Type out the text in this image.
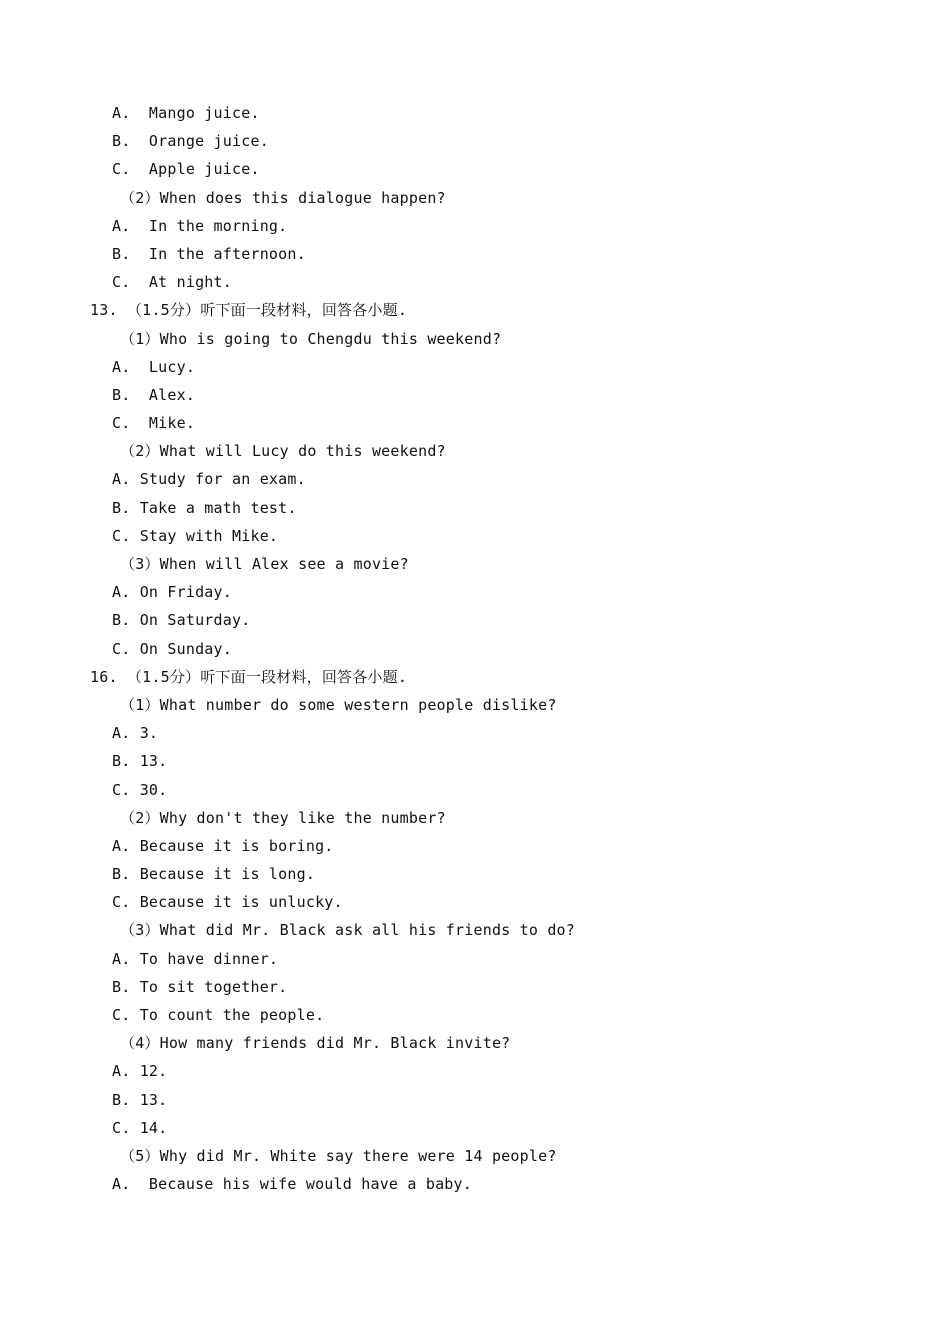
A.  Mango juice.
B.  Orange juice.
C.  Apple juice.
（2）When does this dialogue happen?
A.  In the morning.
B.  In the afternoon.
C.  At night.
13. （1.5分）听下面一段材料，回答各小题.
（1）Who is going to Chengdu this weekend?
A.  Lucy.
B.  Alex.
C.  Mike.
（2）What will Lucy do this weekend?
A. Study for an exam.
B. Take a math test.
C. Stay with Mike.
（3）When will Alex see a movie?
A. On Friday.
B. On Saturday.
C. On Sunday.
16. （1.5分）听下面一段材料，回答各小题.
（1）What number do some western people dislike?
A. 3.
B. 13.
C. 30.
（2）Why don't they like the number?
A. Because it is boring.
B. Because it is long.
C. Because it is unlucky.
（3）What did Mr. Black ask all his friends to do?
A. To have dinner.
B. To sit together.
C. To count the people.
（4）How many friends did Mr. Black invite?
A. 12.
B. 13.
C. 14.
（5）Why did Mr. White say there were 14 people?
A.  Because his wife would have a baby.
